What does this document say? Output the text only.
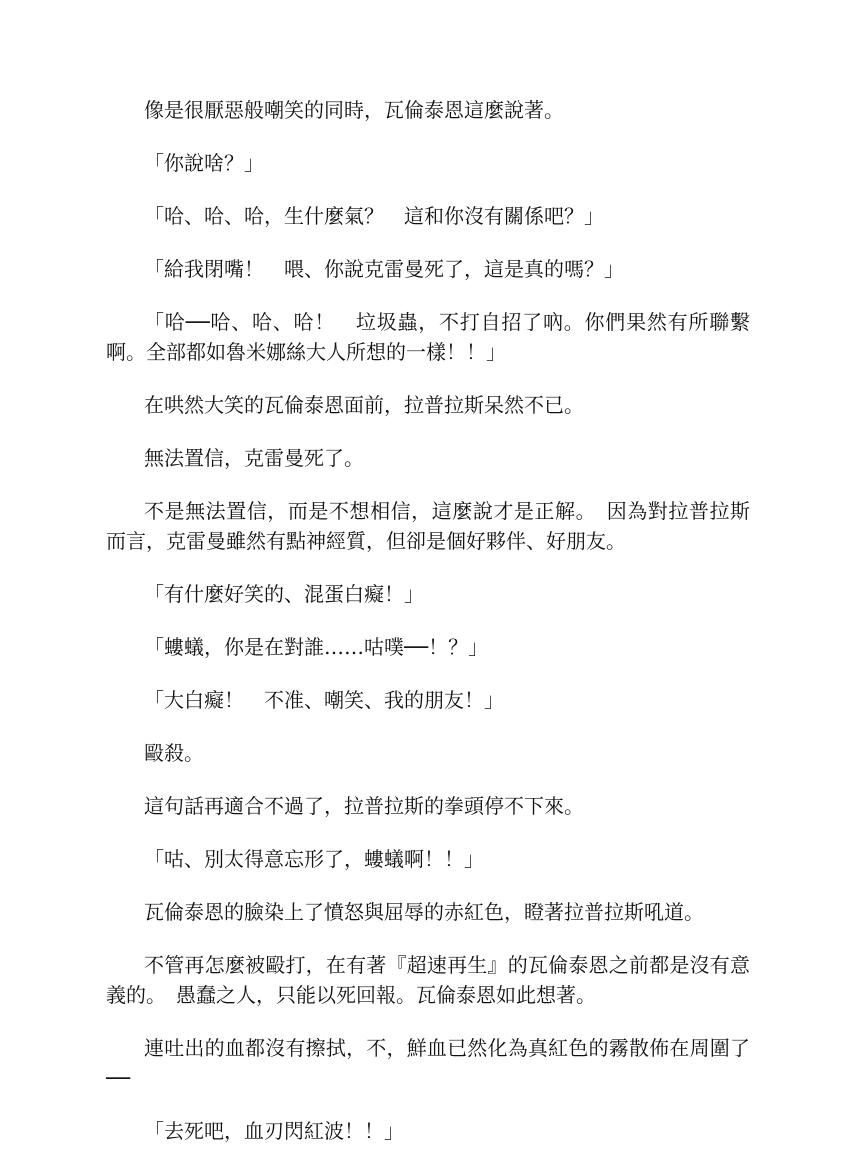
像是很厭惡般嘲笑的同時，瓦倫泰恩這麼說著。

「你說啥？」

「哈、哈、哈，生什麼氣？　這和你沒有關係吧？」

「給我閉嘴！　喂、你說克雷曼死了，這是真的嗎？」

「哈──哈、哈、哈！　垃圾蟲，不打自招了吶。你們果然有所聯繫啊。全部都如魯米娜絲大人所想的一樣！！」

在哄然大笑的瓦倫泰恩面前，拉普拉斯呆然不已。

無法置信，克雷曼死了。

不是無法置信，而是不想相信，這麼說才是正解。　因為對拉普拉斯而言，克雷曼雖然有點神經質，但卻是個好夥伴、好朋友。

「有什麼好笑的、混蛋白癡！」

「螻蟻，你是在對誰……咕噗──！？」

「大白癡！　不准、嘲笑、我的朋友！」

毆殺。

這句話再適合不過了，拉普拉斯的拳頭停不下來。

「咕、別太得意忘形了，螻蟻啊！！」

瓦倫泰恩的臉染上了憤怒與屈辱的赤紅色，瞪著拉普拉斯吼道。

不管再怎麼被毆打，在有著『超速再生』的瓦倫泰恩之前都是沒有意義的。　愚蠢之人，只能以死回報。瓦倫泰恩如此想著。

連吐出的血都沒有擦拭，不，鮮血已然化為真紅色的霧散佈在周圍了──

「去死吧，血刃閃紅波！！」
